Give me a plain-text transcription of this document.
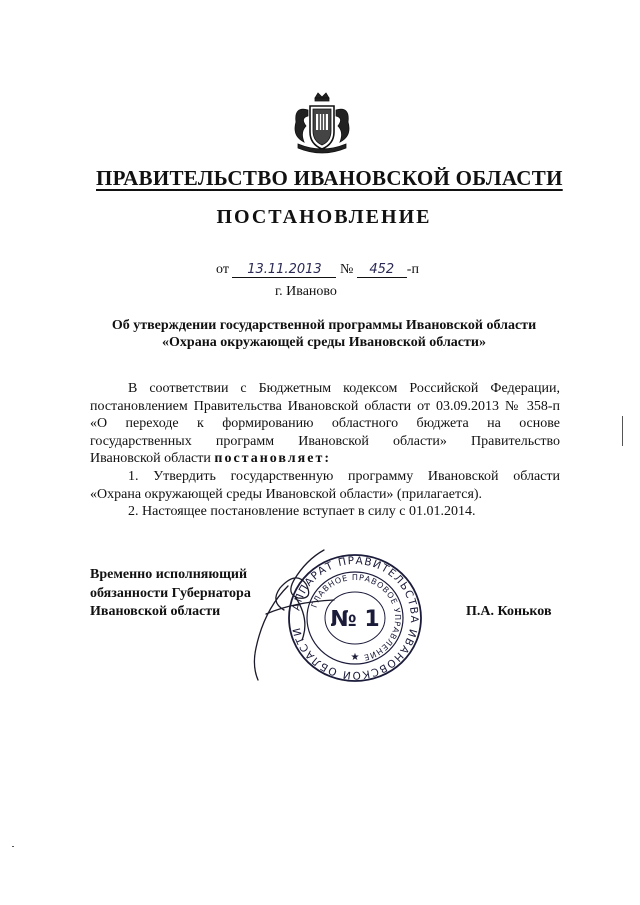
ПРАВИТЕЛЬСТВО ИВАНОВСКОЙ ОБЛАСТИ
ПОСТАНОВЛЕНИЕ
от 13.11.2013 № 452 -п
г. Иваново
Об утверждении государственной программы Ивановской области
«Охрана окружающей среды Ивановской области»
В соответствии с Бюджетным кодексом Российской Федерации,
постановлением Правительства Ивановской области от 03.09.2013 № 358-п
«О переходе к формированию областного бюджета на основе
государственных программ Ивановской области» Правительство
Ивановской области постановляет:
1. Утвердить государственную программу Ивановской области
«Охрана окружающей среды Ивановской области» (прилагается).
2. Настоящее постановление вступает в силу с 01.01.2014.
Временно исполняющий
обязанности Губернатора
Ивановской области	П.А. Коньков
АППАРАТ ПРАВИТЕЛЬСТВА ИВАНОВСКОЙ ОБЛАСТИ
ГЛАВНОЕ ПРАВОВОЕ УПРАВЛЕНИЕ
№ 1
★
